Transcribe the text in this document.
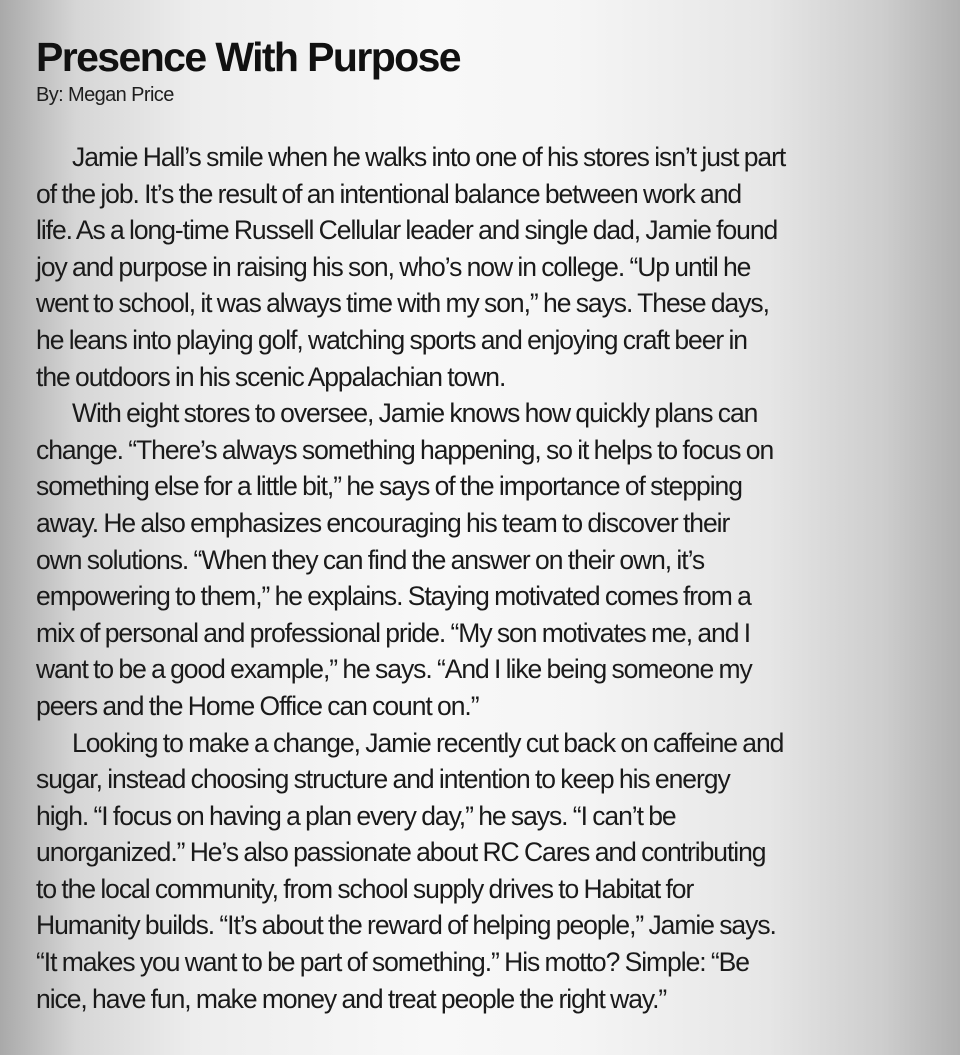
Presence With Purpose
By: Megan Price
Jamie Hall’s smile when he walks into one of his stores isn’t just part
of the job. It’s the result of an intentional balance between work and
life. As a long-time Russell Cellular leader and single dad, Jamie found
joy and purpose in raising his son, who’s now in college. “Up until he
went to school, it was always time with my son,” he says. These days,
he leans into playing golf, watching sports and enjoying craft beer in
the outdoors in his scenic Appalachian town.
With eight stores to oversee, Jamie knows how quickly plans can
change. “There’s always something happening, so it helps to focus on
something else for a little bit,” he says of the importance of stepping
away. He also emphasizes encouraging his team to discover their
own solutions. “When they can find the answer on their own, it’s
empowering to them,” he explains. Staying motivated comes from a
mix of personal and professional pride. “My son motivates me, and I
want to be a good example,” he says. “And I like being someone my
peers and the Home Office can count on.”
Looking to make a change, Jamie recently cut back on caffeine and
sugar, instead choosing structure and intention to keep his energy
high. “I focus on having a plan every day,” he says. “I can’t be
unorganized.” He’s also passionate about RC Cares and contributing
to the local community, from school supply drives to Habitat for
Humanity builds. “It’s about the reward of helping people,” Jamie says.
“It makes you want to be part of something.” His motto? Simple: “Be
nice, have fun, make money and treat people the right way.”
